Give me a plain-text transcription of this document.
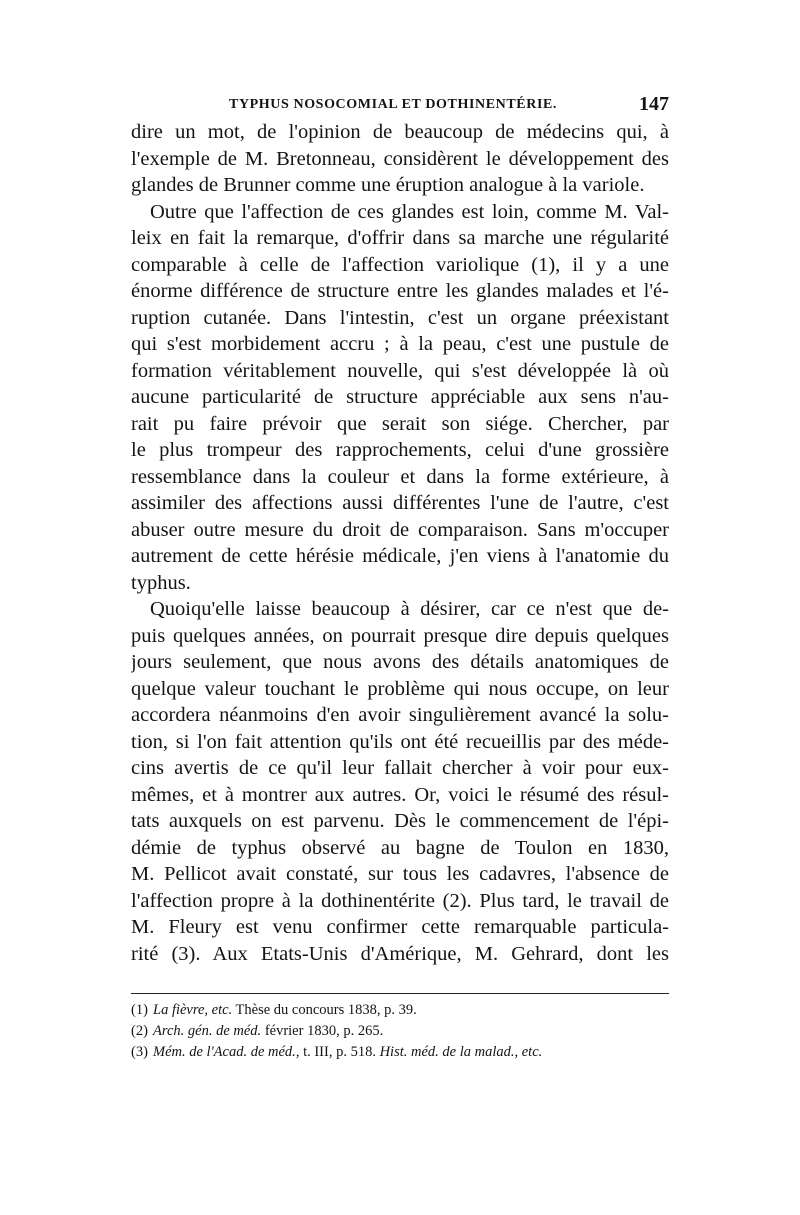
TYPHUS NOSOCOMIAL ET DOTHINENTÉRIE.	147
dire un mot, de l'opinion de beaucoup de médecins qui, à
l'exemple de M. Bretonneau, considèrent le développement des
glandes de Brunner comme une éruption analogue à la variole.
Outre que l'affection de ces glandes est loin, comme M. Val-
leix en fait la remarque, d'offrir dans sa marche une régularité
comparable à celle de l'affection variolique (1), il y a une
énorme différence de structure entre les glandes malades et l'é-
ruption cutanée. Dans l'intestin, c'est un organe préexistant
qui s'est morbidement accru ; à la peau, c'est une pustule de
formation véritablement nouvelle, qui s'est développée là où
aucune particularité de structure appréciable aux sens n'au-
rait pu faire prévoir que serait son siége. Chercher, par
le plus trompeur des rapprochements, celui d'une grossière
ressemblance dans la couleur et dans la forme extérieure, à
assimiler des affections aussi différentes l'une de l'autre, c'est
abuser outre mesure du droit de comparaison. Sans m'occuper
autrement de cette hérésie médicale, j'en viens à l'anatomie du
typhus.
Quoiqu'elle laisse beaucoup à désirer, car ce n'est que de-
puis quelques années, on pourrait presque dire depuis quelques
jours seulement, que nous avons des détails anatomiques de
quelque valeur touchant le problème qui nous occupe, on leur
accordera néanmoins d'en avoir singulièrement avancé la solu-
tion, si l'on fait attention qu'ils ont été recueillis par des méde-
cins avertis de ce qu'il leur fallait chercher à voir pour eux-
mêmes, et à montrer aux autres. Or, voici le résumé des résul-
tats auxquels on est parvenu. Dès le commencement de l'épi-
démie de typhus observé au bagne de Toulon en 1830,
M. Pellicot avait constaté, sur tous les cadavres, l'absence de
l'affection propre à la dothinentérite (2). Plus tard, le travail de
M. Fleury est venu confirmer cette remarquable particula-
rité (3). Aux Etats-Unis d'Amérique, M. Gehrard, dont les
(1) La fièvre, etc. Thèse du concours 1838, p. 39.
(2) Arch. gén. de méd. février 1830, p. 265.
(3) Mém. de l'Acad. de méd., t. III, p. 518. Hist. méd. de la malad., etc.
